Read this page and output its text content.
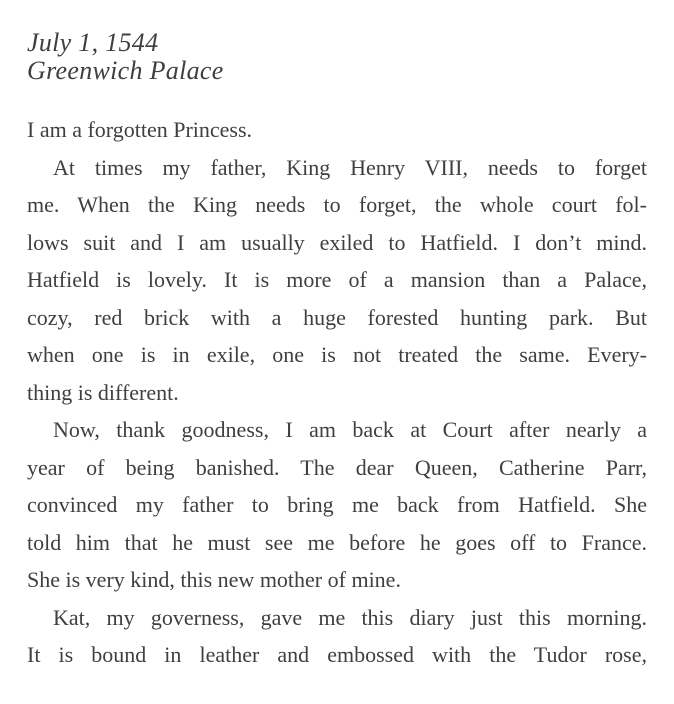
July 1, 1544
Greenwich Palace
I am a forgotten Princess.
At times my father, King Henry VIII, needs to forget
me. When the King needs to forget, the whole court fol-
lows suit and I am usually exiled to Hatfield. I don’t mind.
Hatfield is lovely. It is more of a mansion than a Palace,
cozy, red brick with a huge forested hunting park. But
when one is in exile, one is not treated the same. Every-
thing is different.
Now, thank goodness, I am back at Court after nearly a
year of being banished. The dear Queen, Catherine Parr,
convinced my father to bring me back from Hatfield. She
told him that he must see me before he goes off to France.
She is very kind, this new mother of mine.
Kat, my governess, gave me this diary just this morning.
It is bound in leather and embossed with the Tudor rose,
